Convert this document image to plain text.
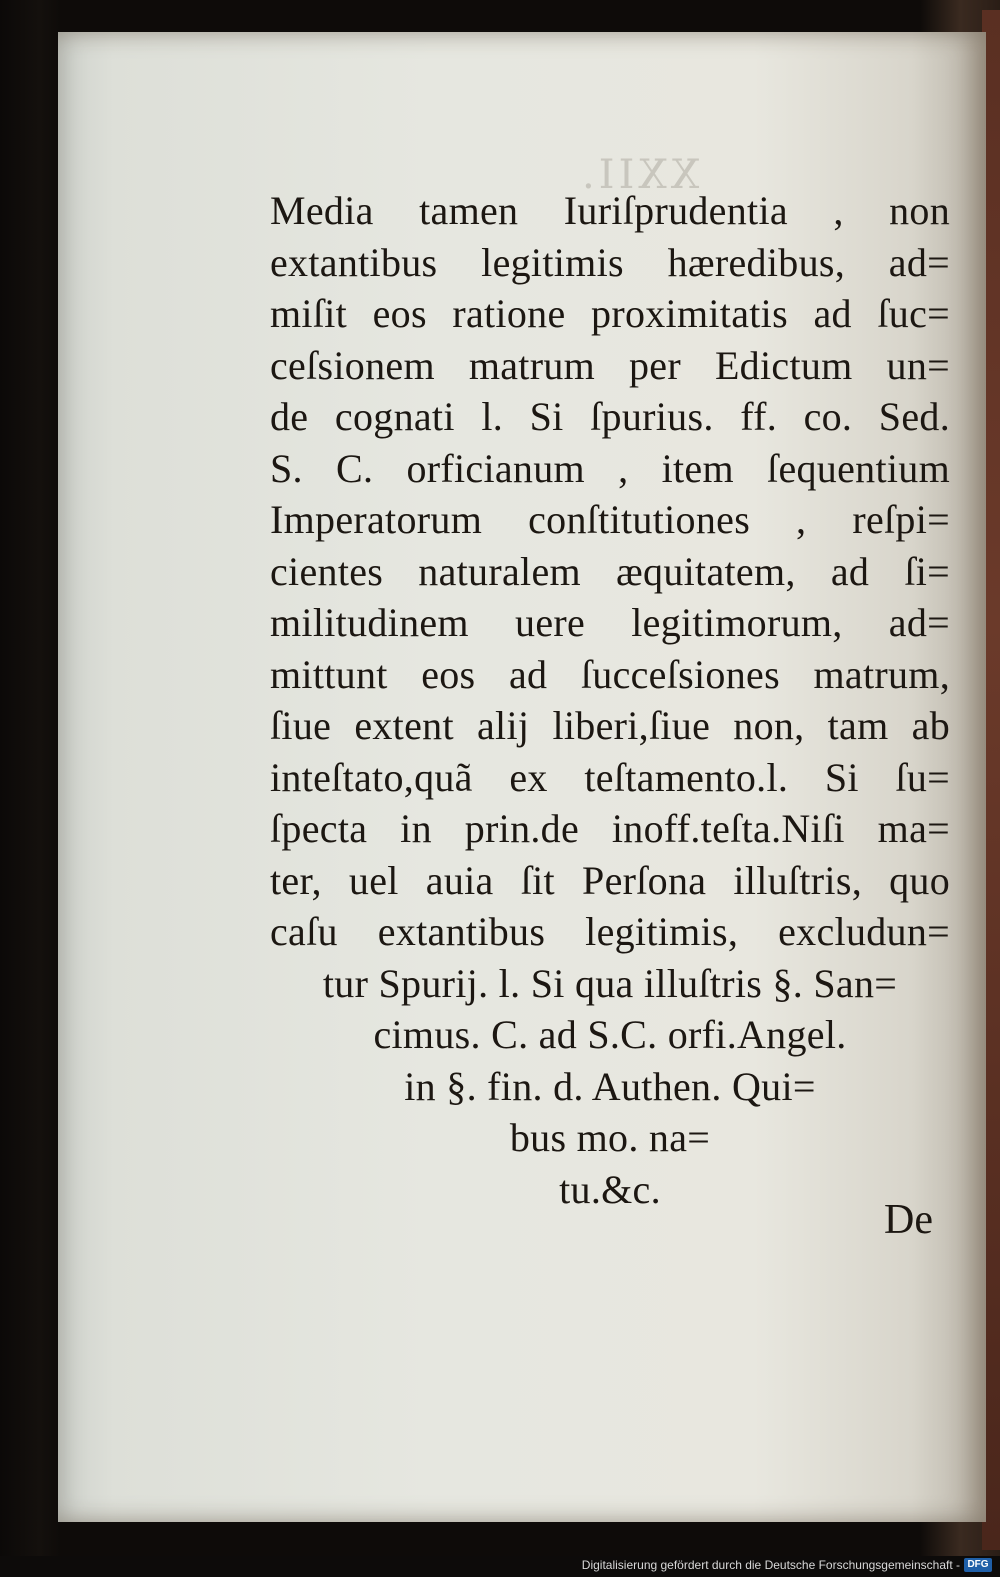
XXII.
Media tamen Iuriſprudentia , non
extantibus legitimis hæredibus, ad=
miſit eos ratione proximitatis ad ſuc=
ceſsionem matrum per Edictum un=
de cognati l. Si ſpurius. ff. co. Sed.
S. C. orficianum , item ſequentium
Imperatorum conſtitutiones , reſpi=
cientes naturalem æquitatem, ad ſi=
militudinem uere legitimorum, ad=
mittunt eos ad ſucceſsiones matrum,
ſiue extent alij liberi,ſiue non, tam ab
inteſtato,quã ex teſtamento.l. Si ſu=
ſpecta in prin.de inoff.teſta.Niſi ma=
ter, uel auia ſit Perſona illuſtris, quo
caſu extantibus legitimis, excludun=
tur Spurij. l. Si qua illuſtris §. San=
cimus. C. ad S.C. orfi.Angel.
in §. fin. d. Authen. Qui=
bus mo. na=
tu.&c.
De
Digitalisierung gefördert durch die Deutsche Forschungsgemeinschaft - DFG
